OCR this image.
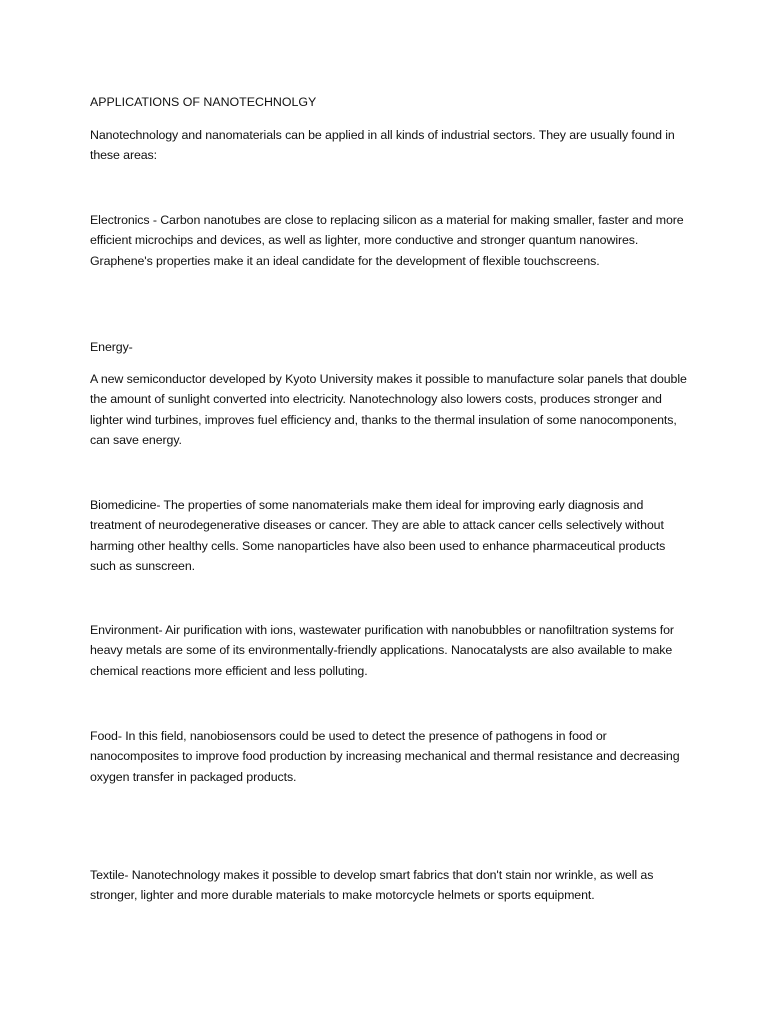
APPLICATIONS OF NANOTECHNOLGY

Nanotechnology and nanomaterials can be applied in all kinds of industrial sectors. They are usually found in these areas:

Electronics - Carbon nanotubes are close to replacing silicon as a material for making smaller, faster and more efficient microchips and devices, as well as lighter, more conductive and stronger quantum nanowires. Graphene's properties make it an ideal candidate for the development of flexible touchscreens.

Energy-

A new semiconductor developed by Kyoto University makes it possible to manufacture solar panels that double the amount of sunlight converted into electricity. Nanotechnology also lowers costs, produces stronger and lighter wind turbines, improves fuel efficiency and, thanks to the thermal insulation of some nanocomponents, can save energy.

Biomedicine- The properties of some nanomaterials make them ideal for improving early diagnosis and treatment of neurodegenerative diseases or cancer. They are able to attack cancer cells selectively without harming other healthy cells. Some nanoparticles have also been used to enhance pharmaceutical products such as sunscreen.

Environment- Air purification with ions, wastewater purification with nanobubbles or nanofiltration systems for heavy metals are some of its environmentally-friendly applications. Nanocatalysts are also available to make chemical reactions more efficient and less polluting.

Food- In this field, nanobiosensors could be used to detect the presence of pathogens in food or nanocomposites to improve food production by increasing mechanical and thermal resistance and decreasing oxygen transfer in packaged products.

Textile- Nanotechnology makes it possible to develop smart fabrics that don't stain nor wrinkle, as well as stronger, lighter and more durable materials to make motorcycle helmets or sports equipment.
